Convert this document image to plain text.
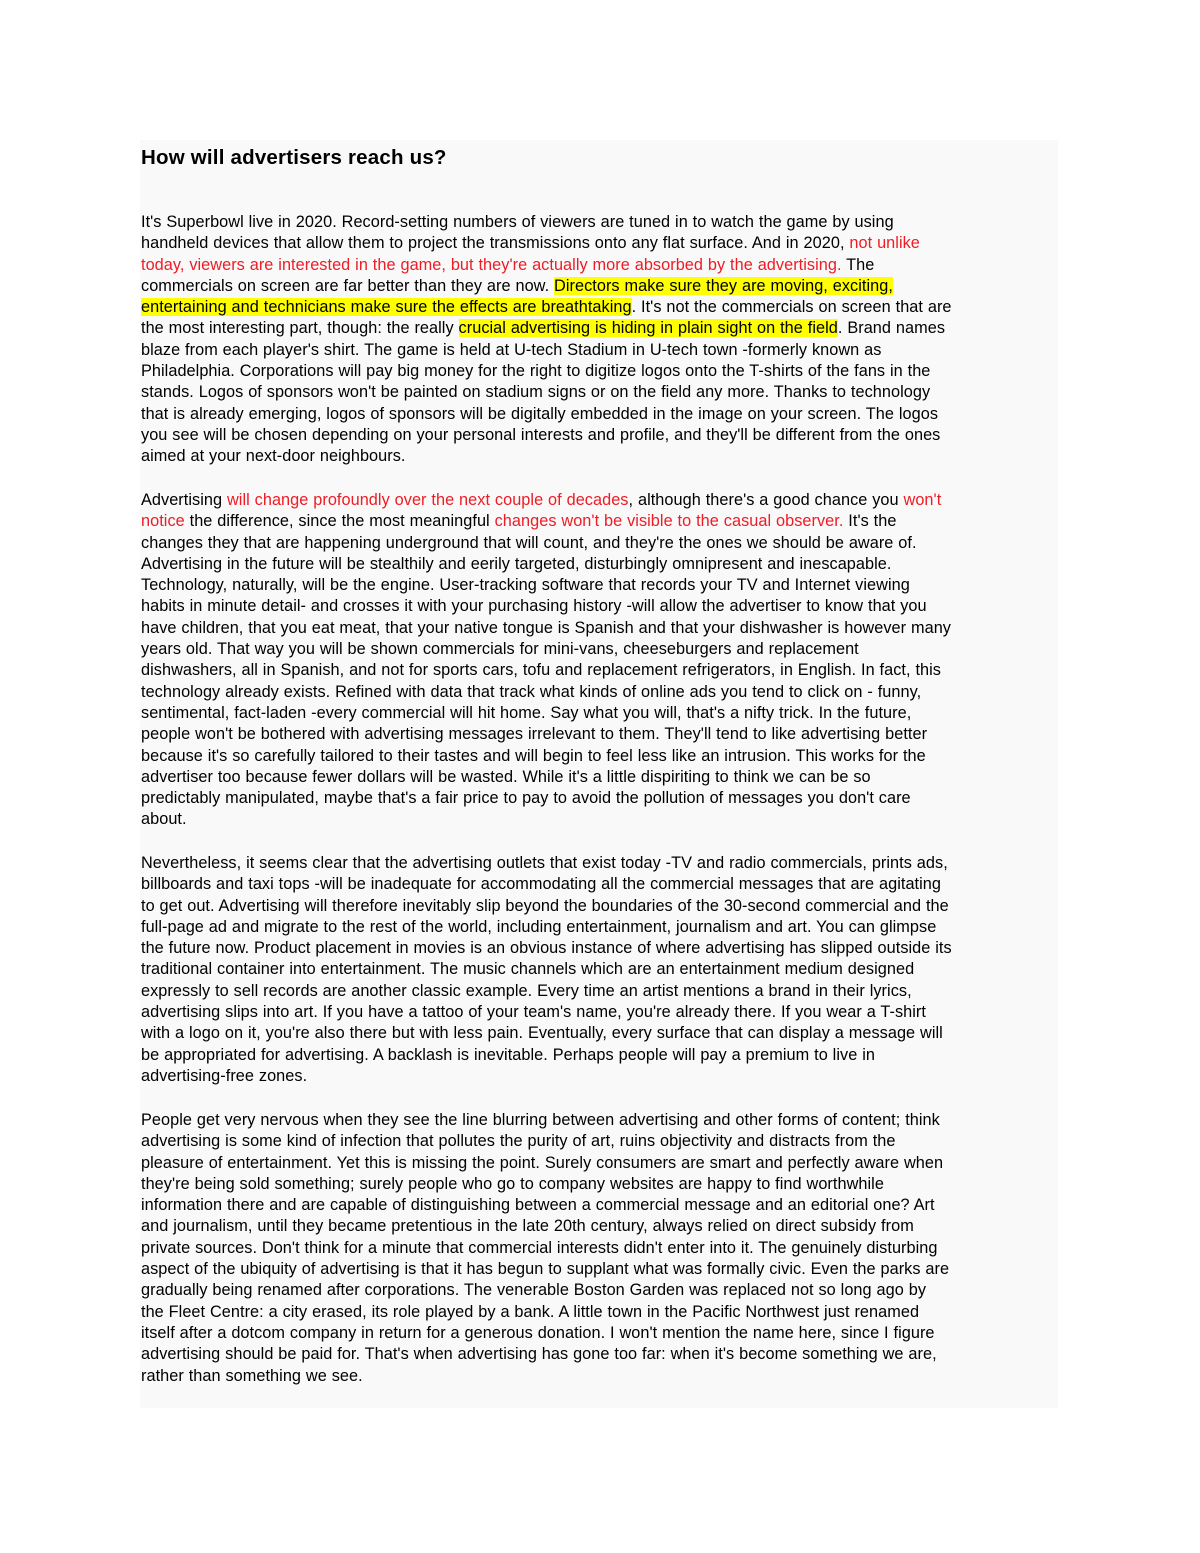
How will advertisers reach us?

It's Superbowl live in 2020. Record-setting numbers of viewers are tuned in to watch the game by using
handheld devices that allow them to project the transmissions onto any flat surface. And in 2020, not unlike
today, viewers are interested in the game, but they're actually more absorbed by the advertising. The
commercials on screen are far better than they are now. Directors make sure they are moving, exciting,
entertaining and technicians make sure the effects are breathtaking. It's not the commercials on screen that are
the most interesting part, though: the really crucial advertising is hiding in plain sight on the field. Brand names
blaze from each player's shirt. The game is held at U-tech Stadium in U-tech town -formerly known as
Philadelphia. Corporations will pay big money for the right to digitize logos onto the T-shirts of the fans in the
stands. Logos of sponsors won't be painted on stadium signs or on the field any more. Thanks to technology
that is already emerging, logos of sponsors will be digitally embedded in the image on your screen. The logos
you see will be chosen depending on your personal interests and profile, and they'll be different from the ones
aimed at your next-door neighbours.

Advertising will change profoundly over the next couple of decades, although there's a good chance you won't
notice the difference, since the most meaningful changes won't be visible to the casual observer. It's the
changes they that are happening underground that will count, and they're the ones we should be aware of.
Advertising in the future will be stealthily and eerily targeted, disturbingly omnipresent and inescapable.
Technology, naturally, will be the engine. User-tracking software that records your TV and Internet viewing
habits in minute detail- and crosses it with your purchasing history -will allow the advertiser to know that you
have children, that you eat meat, that your native tongue is Spanish and that your dishwasher is however many
years old. That way you will be shown commercials for mini-vans, cheeseburgers and replacement
dishwashers, all in Spanish, and not for sports cars, tofu and replacement refrigerators, in English. In fact, this
technology already exists. Refined with data that track what kinds of online ads you tend to click on - funny,
sentimental, fact-laden -every commercial will hit home. Say what you will, that's a nifty trick. In the future,
people won't be bothered with advertising messages irrelevant to them. They'll tend to like advertising better
because it's so carefully tailored to their tastes and will begin to feel less like an intrusion. This works for the
advertiser too because fewer dollars will be wasted. While it's a little dispiriting to think we can be so
predictably manipulated, maybe that's a fair price to pay to avoid the pollution of messages you don't care
about.

Nevertheless, it seems clear that the advertising outlets that exist today -TV and radio commercials, prints ads,
billboards and taxi tops -will be inadequate for accommodating all the commercial messages that are agitating
to get out. Advertising will therefore inevitably slip beyond the boundaries of the 30-second commercial and the
full-page ad and migrate to the rest of the world, including entertainment, journalism and art. You can glimpse
the future now. Product placement in movies is an obvious instance of where advertising has slipped outside its
traditional container into entertainment. The music channels which are an entertainment medium designed
expressly to sell records are another classic example. Every time an artist mentions a brand in their lyrics,
advertising slips into art. If you have a tattoo of your team's name, you're already there. If you wear a T-shirt
with a logo on it, you're also there but with less pain. Eventually, every surface that can display a message will
be appropriated for advertising. A backlash is inevitable. Perhaps people will pay a premium to live in
advertising-free zones.

People get very nervous when they see the line blurring between advertising and other forms of content; think
advertising is some kind of infection that pollutes the purity of art, ruins objectivity and distracts from the
pleasure of entertainment. Yet this is missing the point. Surely consumers are smart and perfectly aware when
they're being sold something; surely people who go to company websites are happy to find worthwhile
information there and are capable of distinguishing between a commercial message and an editorial one? Art
and journalism, until they became pretentious in the late 20th century, always relied on direct subsidy from
private sources. Don't think for a minute that commercial interests didn't enter into it. The genuinely disturbing
aspect of the ubiquity of advertising is that it has begun to supplant what was formally civic. Even the parks are
gradually being renamed after corporations. The venerable Boston Garden was replaced not so long ago by
the Fleet Centre: a city erased, its role played by a bank. A little town in the Pacific Northwest just renamed
itself after a dotcom company in return for a generous donation. I won't mention the name here, since I figure
advertising should be paid for. That's when advertising has gone too far: when it's become something we are,
rather than something we see.
